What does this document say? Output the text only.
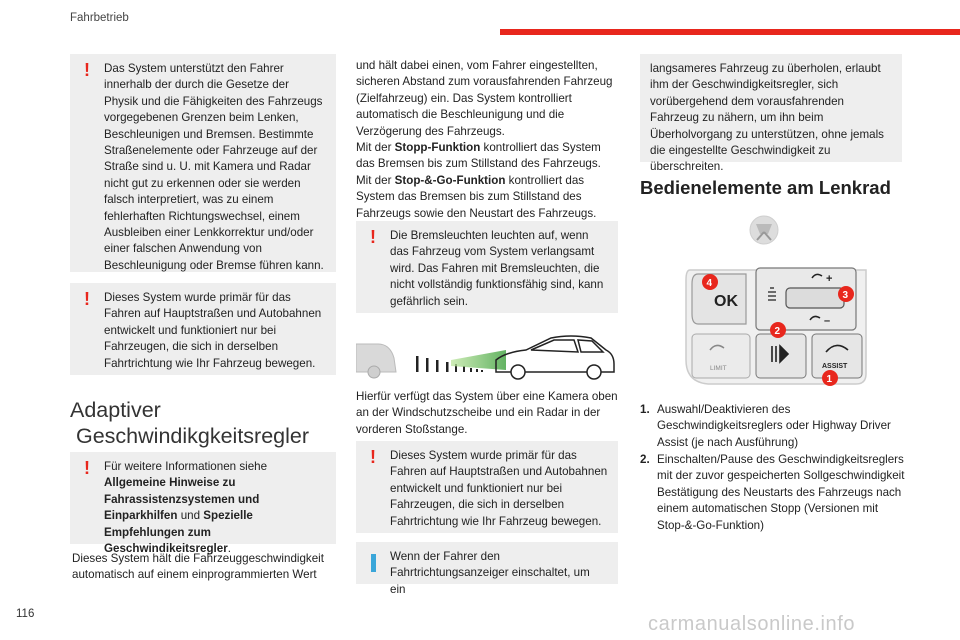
Fahrbetrieb
!	Das System unterstützt den Fahrer innerhalb der durch die Gesetze der Physik und die Fähigkeiten des Fahrzeugs vorgegebenen Grenzen beim Lenken, Beschleunigen und Bremsen. Bestimmte Straßenelemente oder Fahrzeuge auf der Straße sind u. U. mit Kamera und Radar nicht gut zu erkennen oder sie werden falsch interpretiert, was zu einem fehlerhaften Richtungswechsel, einem Ausbleiben einer Lenkkorrektur und/oder einer falschen Anwendung von Beschleunigung oder Bremse führen kann.

!	Dieses System wurde primär für das Fahren auf Hauptstraßen und Autobahnen entwickelt und funktioniert nur bei Fahrzeugen, die sich in derselben Fahrtrichtung wie Ihr Fahrzeug bewegen.

Adaptiver
Geschwindikgkeitsregler
!	Für weitere Informationen siehe Allgemeine Hinweise zu Fahrassistenzsystemen und Einparkhilfen und Spezielle Empfehlungen zum Geschwindikeitsregler.

Dieses System hält die Fahrzeuggeschwindigkeit automatisch auf einem einprogrammierten Wert

und hält dabei einen, vom Fahrer eingestellten, sicheren Abstand zum vorausfahrenden Fahrzeug (Zielfahrzeug) ein. Das System kontrolliert automatisch die Beschleunigung und die Verzögerung des Fahrzeugs.

Mit der Stopp-Funktion kontrolliert das System das Bremsen bis zum Stillstand des Fahrzeugs.

Mit der Stop-&-Go-Funktion kontrolliert das System das Bremsen bis zum Stillstand des Fahrzeugs sowie den Neustart des Fahrzeugs.

!	Die Bremsleuchten leuchten auf, wenn das Fahrzeug vom System verlangsamt wird. Das Fahren mit Bremsleuchten, die nicht vollständig funktionsfähig sind, kann gefährlich sein.

Hierfür verfügt das System über eine Kamera oben an der Windschutzscheibe und ein Radar in der vorderen Stoßstange.
!	Dieses System wurde primär für das Fahren auf Hauptstraßen und Autobahnen entwickelt und funktioniert nur bei Fahrzeugen, die sich in derselben Fahrtrichtung wie Ihr Fahrzeug bewegen.

Wenn der Fahrer den Fahrtrichtungsanzeiger einschaltet, um ein

langsameres Fahrzeug zu überholen, erlaubt ihm der Geschwindigkeitsregler, sich vorübergehend dem vorausfahrenden Fahrzeug zu nähern, um ihn beim Überholvorgang zu unterstützen, ohne jemals die eingestellte Geschwindigkeit zu überschreiten.

Bedienelemente am Lenkrad
OK
+
–
LIMIT	ASSIST
4
3
2
1
1. Auswahl/Deaktivieren des Geschwindigkeitsreglers oder Highway Driver Assist (je nach Ausführung)
2. Einschalten/Pause des Geschwindigkeitsreglers mit der zuvor gespeicherten Sollgeschwindigkeit Bestätigung des Neustarts des Fahrzeugs nach einem automatischen Stopp (Versionen mit Stop-&-Go-Funktion)
116	carmanualsonline.info
